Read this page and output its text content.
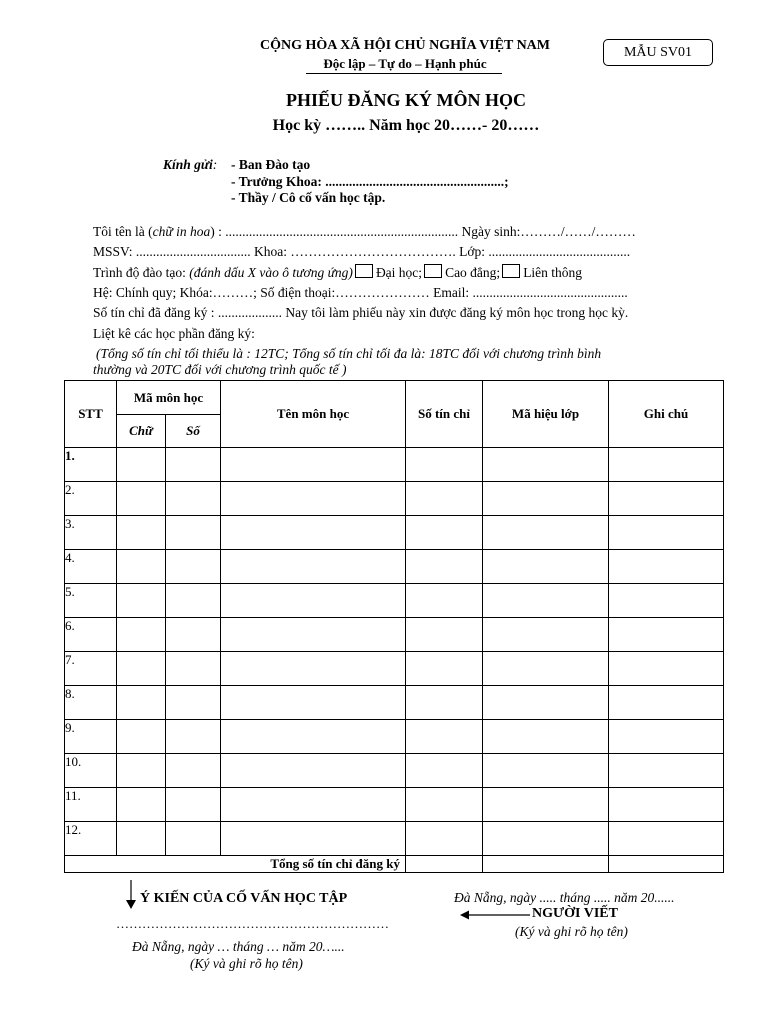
CỘNG HÒA XÃ HỘI CHỦ NGHĨA VIỆT NAM
Độc lập – Tự do – Hạnh phúc
MẪU SV01
PHIẾU ĐĂNG KÝ MÔN HỌC
Học kỳ …….. Năm học 20……- 20……
Kính gửi: - Ban Đào tạo
- Trưởng Khoa: .....................................................;
- Thầy / Cô cố vấn học tập.
Tôi tên là (chữ in hoa) : ..................................................................... Ngày sinh:………/……/………
MSSV: .................................. Khoa: ………………………………. Lớp: ..........................................
Trình độ đào tạo: (đánh dấu X vào ô tương ứng) Đại học; Cao đẳng; Liên thông
Hệ: Chính quy; Khóa:………; Số điện thoại:………………… Email: ..............................................
Số tín chỉ đã đăng ký : ................... Nay tôi làm phiếu này xin được đăng ký môn học trong học kỳ.
Liệt kê các học phần đăng ký:
(Tổng số tín chỉ tối thiểu là : 12TC; Tổng số tín chỉ tối đa là: 18TC đối với chương trình bình
thường và 20TC đối với chương trình quốc tế )
STT	Mã môn học		Tên môn học	Số tín chỉ	Mã hiệu lớp	Ghi chú
	Chữ	Số				
1.						
2.						
3.						
4.						
5.						
6.						
7.						
8.						
9.						
10.						
11.						
12.						
Tổng số tín chỉ đăng ký						
Ý KIẾN CỦA CỐ VẤN HỌC TẬP
………………………………………………………
Đà Nẵng, ngày … tháng … năm 20…...
(Ký và ghi rõ họ tên)
Đà Nẵng, ngày ..... tháng ..... năm 20......
NGƯỜI VIẾT
(Ký và ghi rõ họ tên)
